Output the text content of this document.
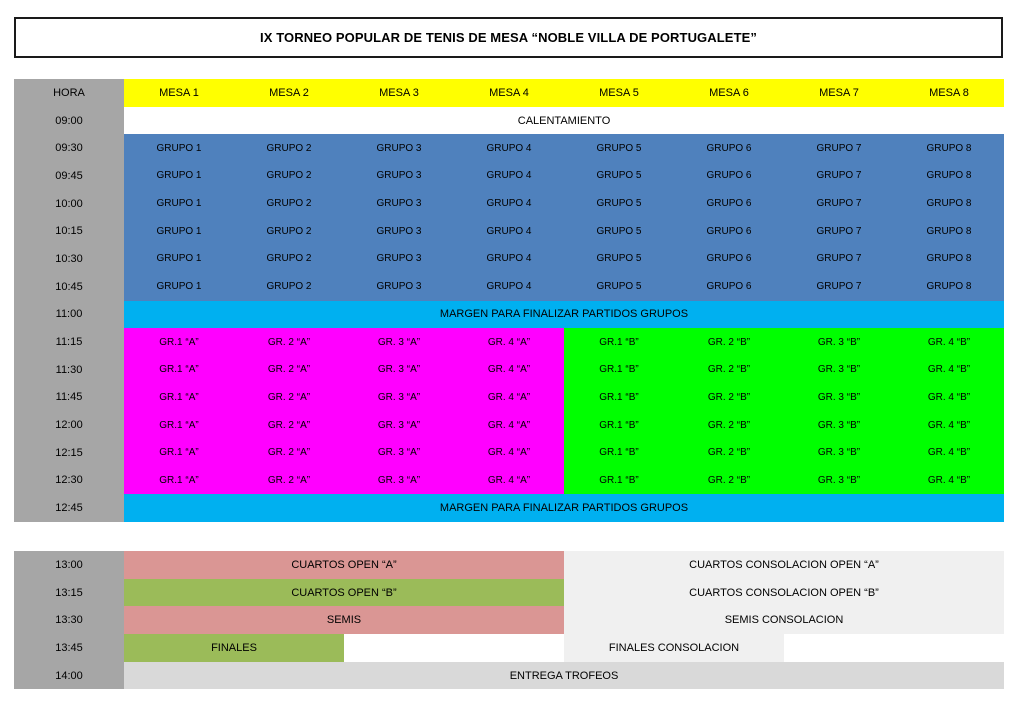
IX TORNEO POPULAR DE TENIS DE MESA “NOBLE VILLA DE PORTUGALETE”
HORA	MESA 1	MESA 2	MESA 3	MESA 4	MESA 5	MESA 6	MESA 7	MESA 8
09:00	CALENTAMIENTO							
09:30	GRUPO 1	GRUPO 2	GRUPO 3	GRUPO 4	GRUPO 5	GRUPO 6	GRUPO 7	GRUPO 8
09:45	GRUPO 1	GRUPO 2	GRUPO 3	GRUPO 4	GRUPO 5	GRUPO 6	GRUPO 7	GRUPO 8
10:00	GRUPO 1	GRUPO 2	GRUPO 3	GRUPO 4	GRUPO 5	GRUPO 6	GRUPO 7	GRUPO 8
10:15	GRUPO 1	GRUPO 2	GRUPO 3	GRUPO 4	GRUPO 5	GRUPO 6	GRUPO 7	GRUPO 8
10:30	GRUPO 1	GRUPO 2	GRUPO 3	GRUPO 4	GRUPO 5	GRUPO 6	GRUPO 7	GRUPO 8
10:45	GRUPO 1	GRUPO 2	GRUPO 3	GRUPO 4	GRUPO 5	GRUPO 6	GRUPO 7	GRUPO 8
11:00	MARGEN PARA FINALIZAR PARTIDOS GRUPOS							
11:15	GR.1 “A”	GR. 2 “A”	GR. 3 “A”	GR. 4 “A”	GR.1 “B”	GR. 2 “B”	GR. 3 “B”	GR. 4 “B”
11:30	GR.1 “A”	GR. 2 “A”	GR. 3 “A”	GR. 4 “A”	GR.1 “B”	GR. 2 “B”	GR. 3 “B”	GR. 4 “B”
11:45	GR.1 “A”	GR. 2 “A”	GR. 3 “A”	GR. 4 “A”	GR.1 “B”	GR. 2 “B”	GR. 3 “B”	GR. 4 “B”
12:00	GR.1 “A”	GR. 2 “A”	GR. 3 “A”	GR. 4 “A”	GR.1 “B”	GR. 2 “B”	GR. 3 “B”	GR. 4 “B”
12:15	GR.1 “A”	GR. 2 “A”	GR. 3 “A”	GR. 4 “A”	GR.1 “B”	GR. 2 “B”	GR. 3 “B”	GR. 4 “B”
12:30	GR.1 “A”	GR. 2 “A”	GR. 3 “A”	GR. 4 “A”	GR.1 “B”	GR. 2 “B”	GR. 3 “B”	GR. 4 “B”
12:45	MARGEN PARA FINALIZAR PARTIDOS GRUPOS							
13:00	CUARTOS OPEN “A”		CUARTOS CONSOLACION OPEN “A”	
13:15	CUARTOS OPEN “B”		CUARTOS CONSOLACION OPEN “B”	
13:30	SEMIS		SEMIS CONSOLACION	
13:45	FINALES		FINALES CONSOLACION	
14:00	ENTREGA TROFEOS			
